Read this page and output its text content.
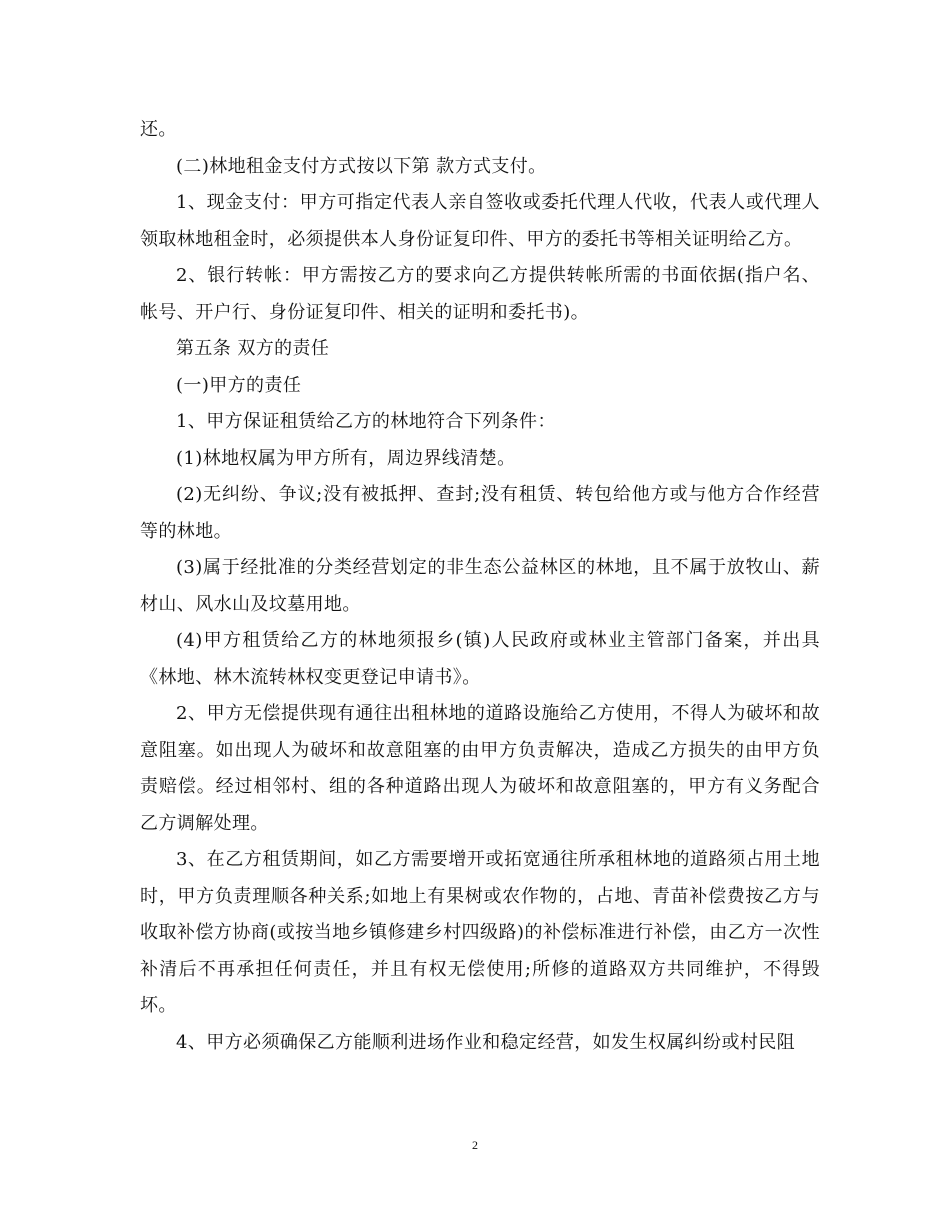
还。

(二)林地租金支付方式按以下第 款方式支付。

1、现金支付：甲方可指定代表人亲自签收或委托代理人代收，代表人或代理人领取林地租金时，必须提供本人身份证复印件、甲方的委托书等相关证明给乙方。

2、银行转帐：甲方需按乙方的要求向乙方提供转帐所需的书面依据(指户名、帐号、开户行、身份证复印件、相关的证明和委托书)。

第五条 双方的责任

(一)甲方的责任

1、甲方保证租赁给乙方的林地符合下列条件：

(1)林地权属为甲方所有，周边界线清楚。

(2)无纠纷、争议;没有被抵押、查封;没有租赁、转包给他方或与他方合作经营等的林地。

(3)属于经批准的分类经营划定的非生态公益林区的林地，且不属于放牧山、薪材山、风水山及坟墓用地。

(4)甲方租赁给乙方的林地须报乡(镇)人民政府或林业主管部门备案，并出具《林地、林木流转林权变更登记申请书》。

2、甲方无偿提供现有通往出租林地的道路设施给乙方使用，不得人为破坏和故意阻塞。如出现人为破坏和故意阻塞的由甲方负责解决，造成乙方损失的由甲方负责赔偿。经过相邻村、组的各种道路出现人为破坏和故意阻塞的，甲方有义务配合乙方调解处理。

3、在乙方租赁期间，如乙方需要增开或拓宽通往所承租林地的道路须占用土地时，甲方负责理顺各种关系;如地上有果树或农作物的，占地、青苗补偿费按乙方与收取补偿方协商(或按当地乡镇修建乡村四级路)的补偿标准进行补偿，由乙方一次性补清后不再承担任何责任，并且有权无偿使用;所修的道路双方共同维护，不得毁坏。

4、甲方必须确保乙方能顺利进场作业和稳定经营，如发生权属纠纷或村民阻

2
